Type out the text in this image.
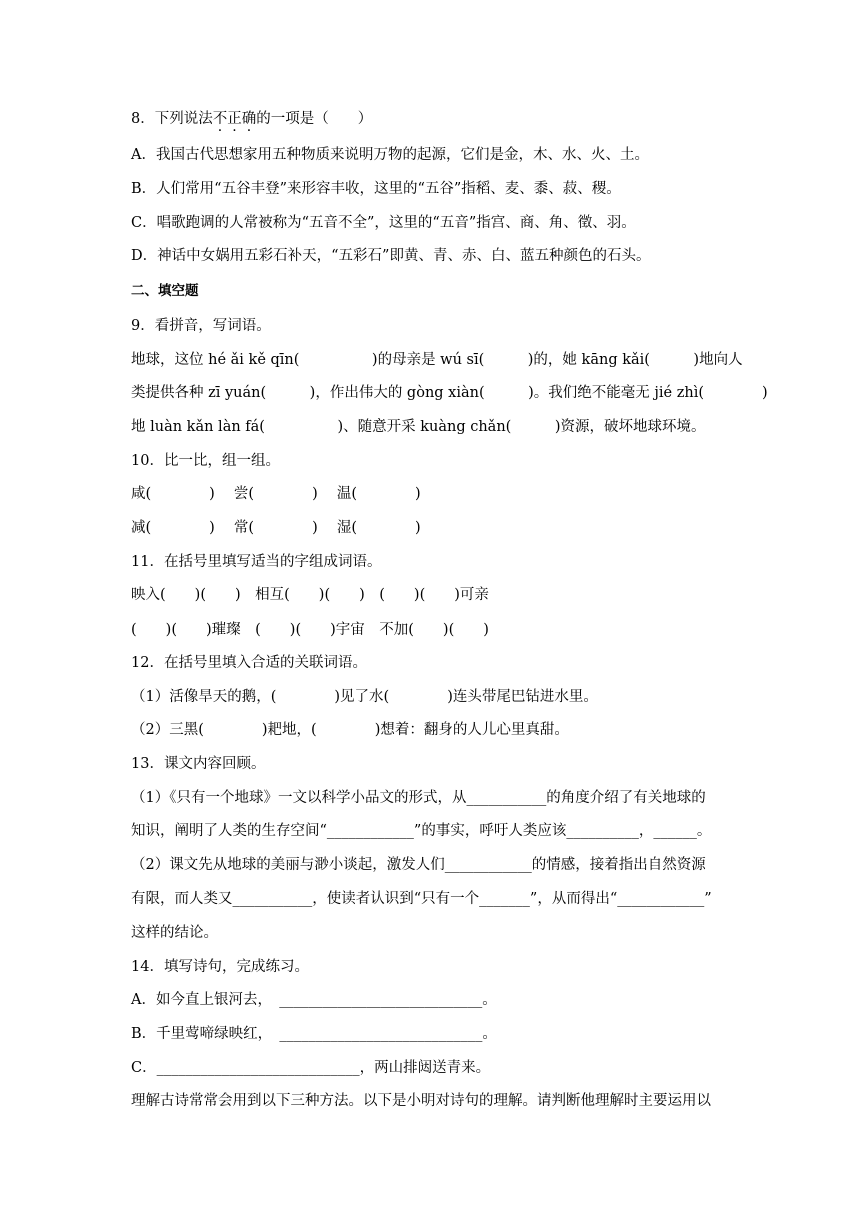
8．下列说法不正确的一项是（　　）
A．我国古代思想家用五种物质来说明万物的起源，它们是金，木、水、火、土。
B．人们常用“五谷丰登”来形容丰收，这里的“五谷”指稻、麦、黍、菽、稷。
C．唱歌跑调的人常被称为“五音不全”，这里的“五音”指宫、商、角、徵、羽。
D．神话中女娲用五彩石补天，“五彩石”即黄、青、赤、白、蓝五种颜色的石头。
二、填空题
9．看拼音，写词语。
地球，这位 hé ǎi kě qīn(　　　　　)的母亲是 wú sī(　　　)的，她 kāng kǎi(　　　)地向人
类提供各种 zī yuán(　　　)，作出伟大的 gòng xiàn(　　　)。我们绝不能毫无 jié zhì(　　　　)
地 luàn kǎn làn fá(　　　　　)、随意开采 kuàng chǎn(　　　)资源，破坏地球环境。
10．比一比，组一组。
咸(　　　　)　 尝(　　　　)　 温(　　　　)
减(　　　　)　 常(　　　　)　 湿(　　　　)
11．在括号里填写适当的字组成词语。
映入(　　)(　　)　相互(　　)(　　)　(　　)(　　)可亲
(　　)(　　)璀璨　(　　)(　　)宇宙　不加(　　)(　　)
12．在括号里填入合适的关联词语。
（1）活像旱天的鹅，(　　　　)见了水(　　　　)连头带尾巴钻进水里。
（2）三黑(　　　　)耙地，(　　　　)想着：翻身的人儿心里真甜。
13．课文内容回顾。
（1）《只有一个地球》一文以科学小品文的形式，从___________的角度介绍了有关地球的
知识，阐明了人类的生存空间“____________”的事实，呼吁人类应该__________，______。
（2）课文先从地球的美丽与渺小谈起，激发人们____________的情感，接着指出自然资源
有限，而人类又___________，使读者认识到“只有一个_______”，从而得出“____________”
这样的结论。
14．填写诗句，完成练习。
A．如今直上银河去，　____________________________。
B．千里莺啼绿映红，　____________________________。
C．____________________________，两山排闼送青来。
理解古诗常常会用到以下三种方法。以下是小明对诗句的理解。请判断他理解时主要运用以
